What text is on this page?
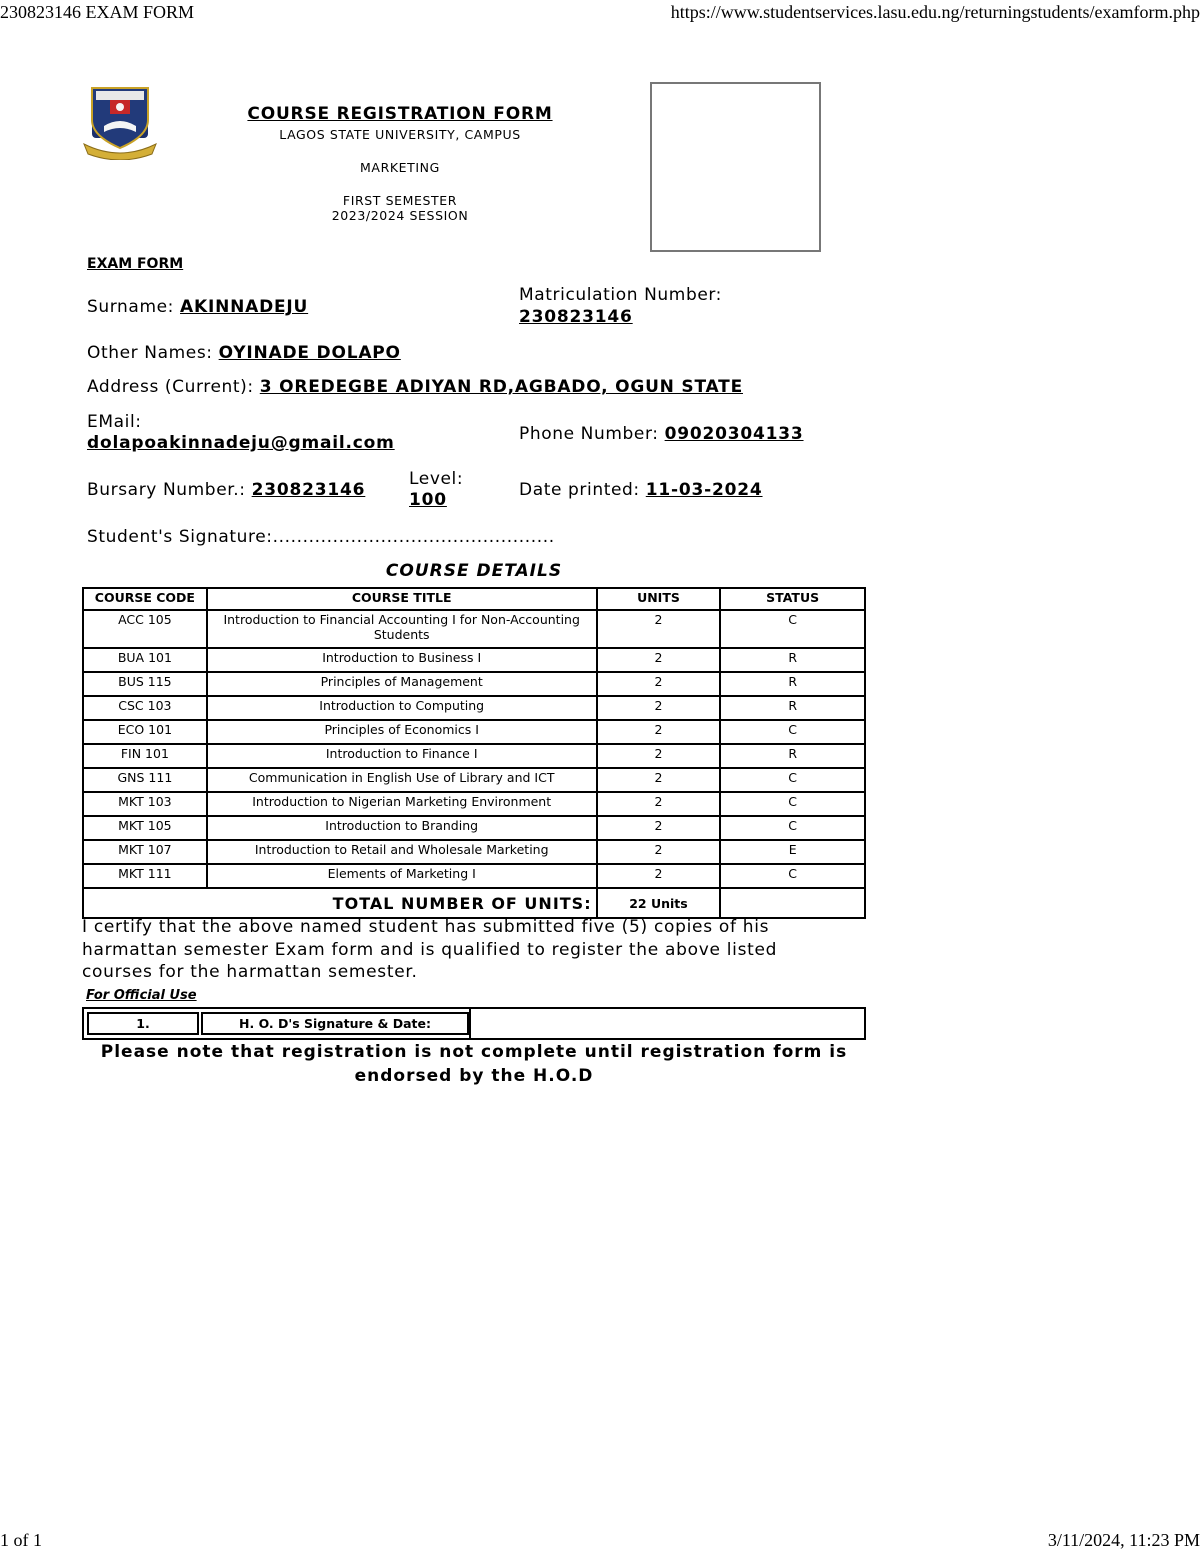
230823146 EXAM FORM	https://www.studentservices.lasu.edu.ng/returningstudents/examform.php
COURSE REGISTRATION FORM
LAGOS STATE UNIVERSITY, CAMPUS
MARKETING
FIRST SEMESTER
2023/2024 SESSION
EXAM FORM
Surname: AKINNADEJU
Matriculation Number:
230823146
Other Names: OYINADE DOLAPO
Address (Current): 3 OREDEGBE ADIYAN RD,AGBADO, OGUN STATE
EMail:
dolapoakinnadeju@gmail.com	Phone Number: 09020304133
Bursary Number.: 230823146
Level:
100	Date printed: 11-03-2024
Student's Signature:...............................................
COURSE DETAILS
COURSE CODE	COURSE TITLE	UNITS	STATUS
ACC 105	Introduction to Financial Accounting I for Non-Accounting Students	2	C
BUA 101	Introduction to Business I	2	R
BUS 115	Principles of Management	2	R
CSC 103	Introduction to Computing	2	R
ECO 101	Principles of Economics I	2	C
FIN 101	Introduction to Finance I	2	R
GNS 111	Communication in English Use of Library and ICT	2	C
MKT 103	Introduction to Nigerian Marketing Environment	2	C
MKT 105	Introduction to Branding	2	C
MKT 107	Introduction to Retail and Wholesale Marketing	2	E
MKT 111	Elements of Marketing I	2	C
TOTAL NUMBER OF UNITS:		22 Units	
I certify that the above named student has submitted five (5) copies of his harmattan semester Exam form and is qualified to register the above listed courses for the harmattan semester.
For Official Use
1.	H. O. D's Signature & Date:
Please note that registration is not complete until registration form is endorsed by the H.O.D
1 of 1	3/11/2024, 11:23 PM
